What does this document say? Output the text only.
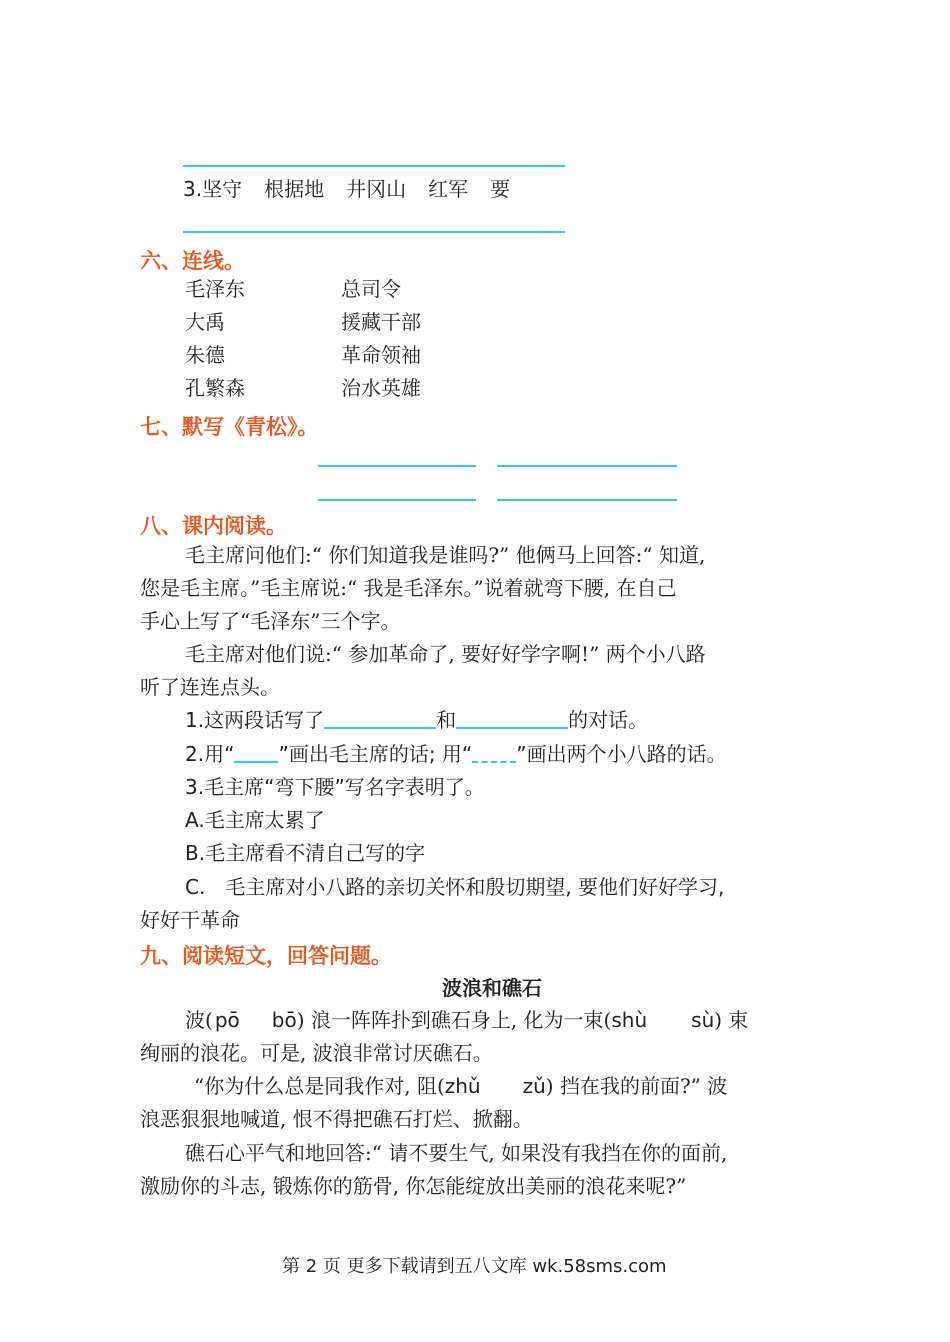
3.坚守 根据地 井冈山 红军 要
六、连线。
毛泽东	总司令
大禹	援藏干部
朱德	革命领袖
孔繁森	治水英雄
七、默写《青松》。
八、课内阅读。
毛主席问他们:“ 你们知道我是谁吗?” 他俩马上回答:“ 知道,
您是毛主席。”毛主席说:“ 我是毛泽东。”说着就弯下腰, 在自己
手心上写了“毛泽东”三个字。
毛主席对他们说:“ 参加革命了, 要好好学字啊!” 两个小八路
听了连连点头。
1.这两段话写了	和	的对话。
2.用“ ”画出毛主席的话; 用“ ”画出两个小八路的话。
3.毛主席“弯下腰”写名字表明了。
A.毛主席太累了
B.毛主席看不清自己写的字
C.　毛主席对小八路的亲切关怀和殷切期望, 要他们好好学习,
好好干革命
九、阅读短文，回答问题。
波浪和礁石
波( pō bō) 浪一阵阵扑到礁石身上, 化为一束(shù sù) 束
绚丽的浪花。可是, 波浪非常讨厌礁石。
“你为什么总是同我作对, 阻(zhǔ zǔ) 挡在我的前面?” 波
浪恶狠狠地喊道, 恨不得把礁石打烂、掀翻。
礁石心平气和地回答:“ 请不要生气, 如果没有我挡在你的面前,
激励你的斗志, 锻炼你的筋骨, 你怎能绽放出美丽的浪花来呢?”
第 2 页 更多下载请到五八文库 wk.58sms.com
